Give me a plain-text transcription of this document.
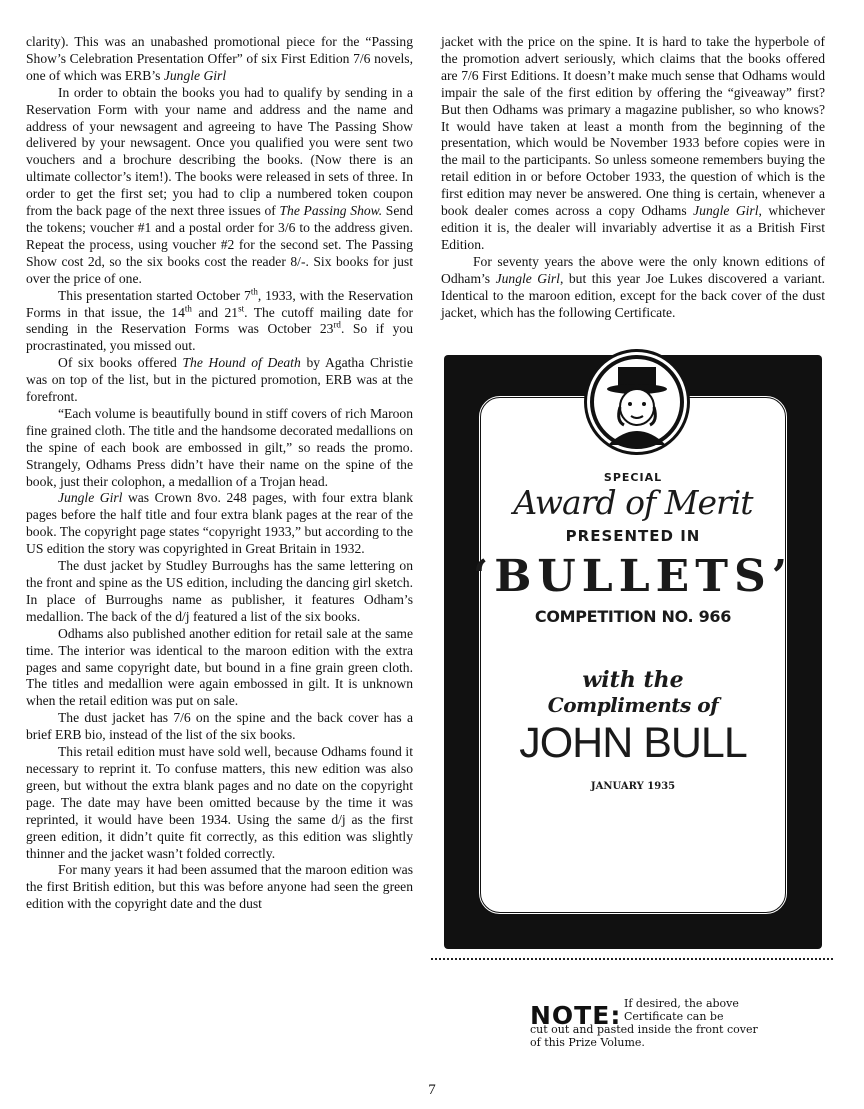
clarity). This was an unabashed promotional piece for the “Passing Show’s Celebration Presentation Offer” of six First Edition 7/6 novels, one of which was ERB’s Jungle Girl

In order to obtain the books you had to qualify by sending in a Reservation Form with your name and address and the name and address of your newsagent and agreeing to have The Passing Show delivered by your newsagent. Once you qualified you were sent two vouchers and a brochure describing the books. (Now there is an ultimate collector’s item!). The books were released in sets of three. In order to get the first set; you had to clip a numbered token coupon from the back page of the next three issues of The Passing Show. Send the tokens; voucher #1 and a postal order for 3/6 to the address given. Repeat the process, using voucher #2 for the second set. The Passing Show cost 2d, so the six books cost the reader 8/-. Six books for just over the price of one.

This presentation started October 7th, 1933, with the Reservation Forms in that issue, the 14th and 21st. The cutoff mailing date for sending in the Reservation Forms was October 23rd. So if you procrastinated, you missed out.

Of six books offered The Hound of Death by Agatha Christie was on top of the list, but in the pictured promotion, ERB was at the forefront.

“Each volume is beautifully bound in stiff covers of rich Maroon fine grained cloth. The title and the handsome decorated medallions on the spine of each book are embossed in gilt,” so reads the promo. Strangely, Odhams Press didn’t have their name on the spine of the book, just their colophon, a medallion of a Trojan head.

Jungle Girl was Crown 8vo. 248 pages, with four extra blank pages before the half title and four extra blank pages at the rear of the book. The copyright page states “copyright 1933,” but according to the US edition the story was copyrighted in Great Britain in 1932.

The dust jacket by Studley Burroughs has the same lettering on the front and spine as the US edition, including the dancing girl sketch. In place of Burroughs name as publisher, it features Odham’s medallion. The back of the d/j featured a list of the six books.

Odhams also published another edition for retail sale at the same time. The interior was identical to the maroon edition with the extra pages and same copyright date, but bound in a fine grain green cloth. The titles and medallion were again embossed in gilt. It is unknown when the retail edition was put on sale.

The dust jacket has 7/6 on the spine and the back cover has a brief ERB bio, instead of the list of the six books.

This retail edition must have sold well, because Odhams found it necessary to reprint it. To confuse matters, this new edition was also green, but without the extra blank pages and no date on the copyright page. The date may have been omitted because by the time it was reprinted, it would have been 1934. Using the same d/j as the first green edition, it didn’t quite fit correctly, as this edition was slightly thinner and the jacket wasn’t folded correctly.

For many years it had been assumed that the maroon edition was the first British edition, but this was before anyone had seen the green edition with the copyright date and the dust

jacket with the price on the spine. It is hard to take the hyperbole of the promotion advert seriously, which claims that the books offered are 7/6 First Editions. It doesn’t make much sense that Odhams would impair the sale of the first edition by offering the “giveaway” first? But then Odhams was primary a magazine publisher, so who knows? It would have taken at least a month from the beginning of the presentation, which would be November 1933 before copies were in the mail to the participants. So unless someone remembers buying the retail edition in or before October 1933, the question of which is the first edition may never be answered. One thing is certain, whenever a book dealer comes across a copy Odhams Jungle Girl, whichever edition it is, the dealer will invariably advertise it as a British First Edition.

For seventy years the above were the only known editions of Odham’s Jungle Girl, but this year Joe Lukes discovered a variant. Identical to the maroon edition, except for the back cover of the dust jacket, which has the following Certificate.

SPECIAL
Award of Merit
PRESENTED IN
‘BULLETS’
COMPETITION NO. 966
with the
Compliments of
JOHN BULL
JANUARY 1935
NOTE: If desired, the above Certificate can be
cut out and pasted inside the front cover of this Prize Volume.
7
